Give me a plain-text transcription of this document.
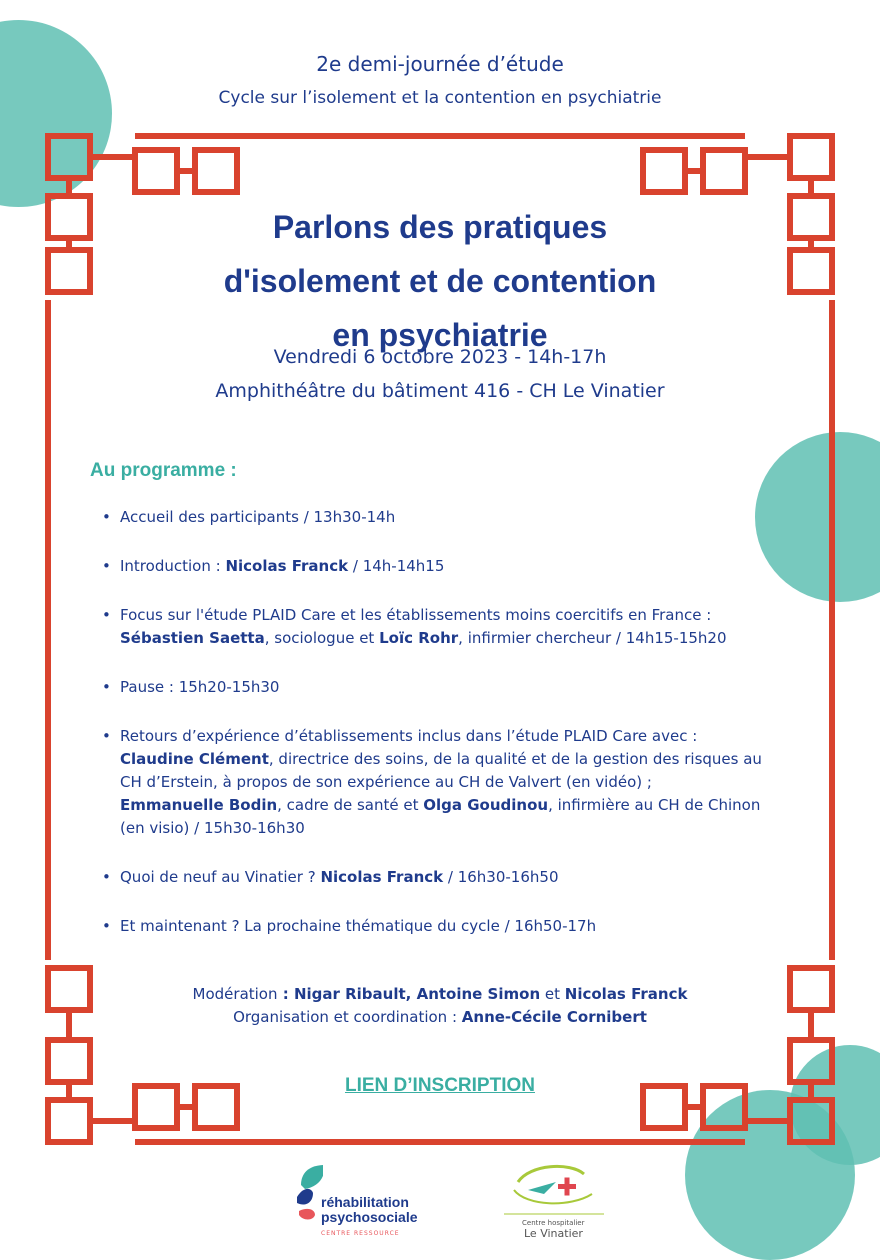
2e demi-journée d’étude
Cycle sur l’isolement et la contention en psychiatrie
Parlons des pratiques
d'isolement et de contention
en psychiatrie
Vendredi 6 octobre 2023 - 14h-17h
Amphithéâtre du bâtiment 416 - CH Le Vinatier
Au programme :
• Accueil des participants / 13h30-14h
• Introduction : Nicolas Franck / 14h-14h15
• Focus sur l'étude PLAID Care et les établissements moins coercitifs en France :
Sébastien Saetta, sociologue et Loïc Rohr, infirmier chercheur / 14h15-15h20
• Pause : 15h20-15h30
• Retours d’expérience d’établissements inclus dans l’étude PLAID Care avec :
Claudine Clément, directrice des soins, de la qualité et de la gestion des risques au
CH d’Erstein, à propos de son expérience au CH de Valvert (en vidéo) ;
Emmanuelle Bodin, cadre de santé et Olga Goudinou, infirmière au CH de Chinon
(en visio) / 15h30-16h30
• Quoi de neuf au Vinatier ? Nicolas Franck / 16h30-16h50
• Et maintenant ? La prochaine thématique du cycle / 16h50-17h
Modération : Nigar Ribault, Antoine Simon et Nicolas Franck
Organisation et coordination : Anne-Cécile Cornibert
LIEN D’INSCRIPTION
réhabilitation
psychosociale
CENTRE RESSOURCE
Centre hospitalier
Le Vinatier
